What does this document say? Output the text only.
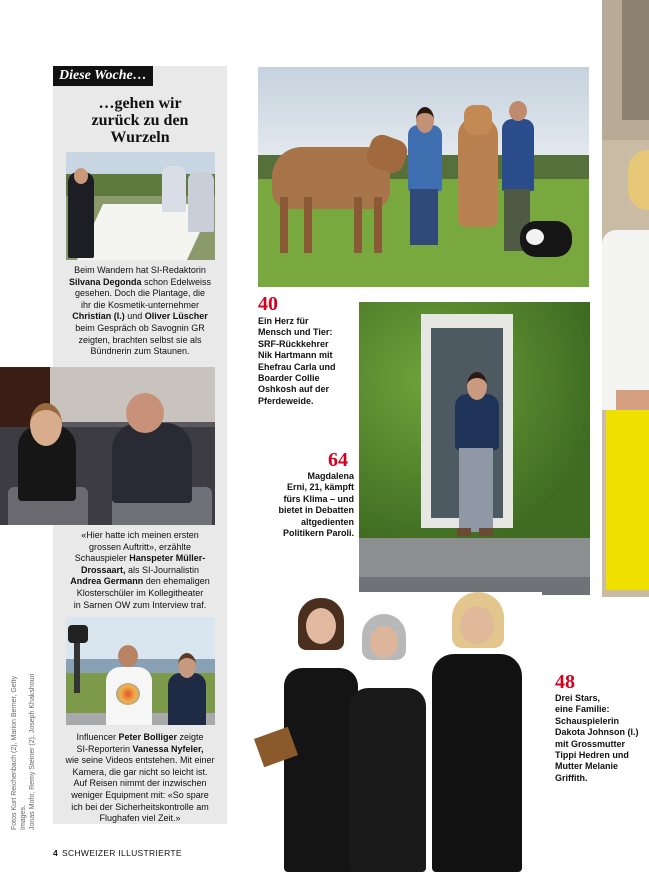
Diese Woche…
…gehen wir
zurück zu den
Wurzeln
Beim Wandern hat SI-Redaktorin
Silvana Degonda schon Edelweiss
gesehen. Doch die Plantage, die
ihr die Kosmetik-unternehmer
Christian (l.) und Oliver Lüscher
beim Gespräch ob Savognin GR
zeigten, brachten selbst sie als
Bündnerin zum Staunen.
«Hier hatte ich meinen ersten
grossen Auftritt», erzählte
Schauspieler Hanspeter Müller-
Drossaart, als SI-Journalistin
Andrea Germann den ehemaligen
Klosterschüler im Kollegitheater
in Sarnen OW zum Interview traf.
Influencer Peter Bolliger zeigte
SI-Reporterin Vanessa Nyfeler,
wie seine Videos entstehen. Mit einer
Kamera, die gar nicht so leicht ist.
Auf Reisen nimmt der inzwischen
weniger Equipment mit: «So spare
ich bei der Sicherheitskontrolle am
Flughafen viel Zeit.»
40
Ein Herz für
Mensch und Tier:
SRF-Rückkehrer
Nik Hartmann mit
Ehefrau Carla und
Boarder Collie
Oshkosh auf der
Pferdeweide.
64
Magdalena
Erni, 21, kämpft
fürs Klima – und
bietet in Debatten
altgedienten
Politikern Paroli.
48
Drei Stars,
eine Familie:
Schauspielerin
Dakota Johnson (l.)
mit Grossmutter
Tippi Hedren und
Mutter Melanie
Griffith.
Fotos Kurt Reichenbach (2), Marion Berner, Getty Images, Jonas Mohr, Remy Steiner (2), Joseph Khakshouri
4 SCHWEIZER ILLUSTRIERTE
